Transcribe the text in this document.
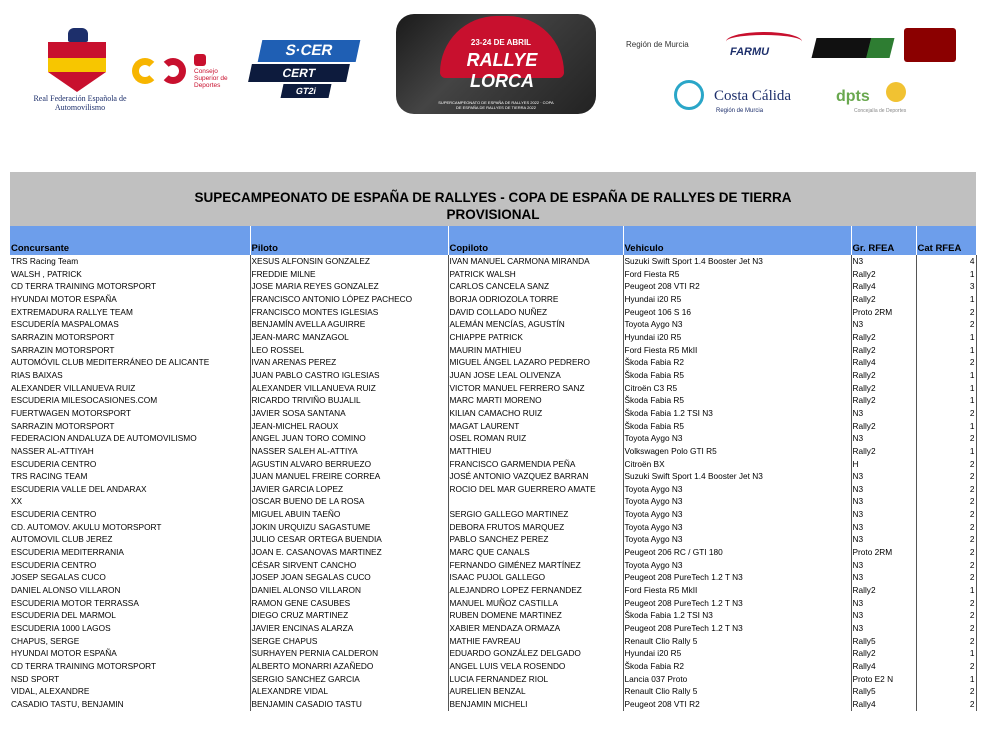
Real Federación Española de Automovilismo
Consejo Superior de Deportes
S·CER
CERT
GT2i
23-24 DE ABRIL
RALLYE LORCA
SUPERCAMPEONATO DE ESPAÑA DE RALLYES 2022 · COPA DE ESPAÑA DE RALLYES DE TIERRA 2022
Región de Murcia
FARMU
Costa Cálida
Región de Murcia
dpts
Concejalía de Deportes
SUPECAMPEONATO DE ESPAÑA DE RALLYES - COPA DE ESPAÑA DE RALLYES DE TIERRA
PROVISIONAL
Concursante	Piloto	Copiloto	Vehiculo	Gr. RFEA	Cat RFEA
TRS Racing Team	XESUS ALFONSIN GONZALEZ	IVAN MANUEL CARMONA MIRANDA	Suzuki Swift Sport 1.4 Booster Jet N3	N3	4
WALSH , PATRICK	FREDDIE MILNE	PATRICK WALSH	Ford Fiesta R5	Rally2	1
CD TERRA TRAINING MOTORSPORT	JOSE MARIA REYES GONZALEZ	CARLOS CANCELA SANZ	Peugeot 208 VTI R2	Rally4	3
HYUNDAI MOTOR ESPAÑA	FRANCISCO ANTONIO LÓPEZ PACHECO	BORJA ODRIOZOLA TORRE	Hyundai i20 R5	Rally2	1
EXTREMADURA RALLYE TEAM	FRANCISCO MONTES IGLESIAS	DAVID COLLADO NUÑEZ	Peugeot 106 S 16	Proto 2RM	2
ESCUDERÍA MASPALOMAS	BENJAMÍN AVELLA AGUIRRE	ALEMÁN MENCÍAS, AGUSTÍN	Toyota Aygo N3	N3	2
SARRAZIN MOTORSPORT	JEAN-MARC MANZAGOL	CHIAPPE PATRICK	Hyundai i20 R5	Rally2	1
SARRAZIN MOTORSPORT	LEO ROSSEL	MAURIN MATHIEU	Ford Fiesta R5 MkII	Rally2	1
AUTOMÓVIL CLUB MEDITERRÁNEO DE ALICANTE	IVAN ARENAS PEREZ	MIGUEL ÁNGEL LAZARO PEDRERO	Škoda Fabia R2	Rally4	2
RIAS BAIXAS	JUAN PABLO CASTRO IGLESIAS	JUAN JOSE LEAL OLIVENZA	Škoda Fabia R5	Rally2	1
ALEXANDER VILLANUEVA RUIZ	ALEXANDER VILLANUEVA RUIZ	VICTOR MANUEL FERRERO SANZ	Citroën C3 R5	Rally2	1
ESCUDERIA MILESOCASIONES.COM	RICARDO TRIVIÑO BUJALIL	MARC MARTI MORENO	Škoda Fabia R5	Rally2	1
FUERTWAGEN MOTORSPORT	JAVIER SOSA SANTANA	KILIAN CAMACHO RUIZ	Škoda Fabia 1.2 TSI N3	N3	2
SARRAZIN MOTORSPORT	JEAN-MICHEL RAOUX	MAGAT LAURENT	Škoda Fabia R5	Rally2	1
FEDERACION ANDALUZA DE AUTOMOVILISMO	ANGEL JUAN TORO COMINO	OSEL ROMAN RUIZ	Toyota Aygo N3	N3	2
NASSER AL-ATTIYAH	NASSER SALEH AL-ATTIYA	MATTHIEU	Volkswagen Polo GTI R5	Rally2	1
ESCUDERIA CENTRO	AGUSTIN ALVARO BERRUEZO	FRANCISCO GARMENDIA PEÑA	Citroën BX	H	2
TRS RACING TEAM	JUAN MANUEL FREIRE CORREA	JOSÉ ANTONIO VAZQUEZ BARRAN	Suzuki Swift Sport 1.4 Booster Jet N3	N3	2
ESCUDERIA VALLE DEL ANDARAX	JAVIER GARCIA LOPEZ	ROCIO DEL MAR GUERRERO AMATE	Toyota Aygo N3	N3	2
XX	OSCAR BUENO DE LA ROSA		Toyota Aygo N3	N3	2
ESCUDERIA CENTRO	MIGUEL ABUIN TAEÑO	SERGIO GALLEGO MARTINEZ	Toyota Aygo N3	N3	2
CD. AUTOMOV. AKULU MOTORSPORT	JOKIN URQUIZU SAGASTUME	DEBORA FRUTOS MARQUEZ	Toyota Aygo N3	N3	2
AUTOMOVIL CLUB JEREZ	JULIO CESAR ORTEGA BUENDIA	PABLO SANCHEZ PEREZ	Toyota Aygo N3	N3	2
ESCUDERIA MEDITERRANIA	JOAN E. CASANOVAS MARTINEZ	MARC QUE CANALS	Peugeot 206 RC / GTI 180	Proto 2RM	2
ESCUDERIA CENTRO	CÉSAR SIRVENT CANCHO	FERNANDO GIMÉNEZ MARTÍNEZ	Toyota Aygo N3	N3	2
JOSEP SEGALAS CUCO	JOSEP JOAN SEGALAS CUCO	ISAAC PUJOL GALLEGO	Peugeot 208 PureTech 1.2 T N3	N3	2
DANIEL ALONSO VILLARON	DANIEL ALONSO VILLARON	ALEJANDRO LOPEZ FERNANDEZ	Ford Fiesta R5 MkII	Rally2	1
ESCUDERIA MOTOR TERRASSA	RAMON GENE CASUBES	MANUEL MUÑOZ CASTILLA	Peugeot 208 PureTech 1.2 T N3	N3	2
ESCUDERIA DEL MARMOL	DIEGO CRUZ MARTINEZ	RUBEN DOMENE MARTINEZ	Škoda Fabia 1.2 TSI N3	N3	2
ESCUDERIA 1000 LAGOS	JAVIER ENCINAS ALARZA	XABIER MENDAZA ORMAZA	Peugeot 208 PureTech 1.2 T N3	N3	2
CHAPUS, SERGE	SERGE CHAPUS	MATHIE FAVREAU	Renault Clio Rally 5	Rally5	2
HYUNDAI MOTOR ESPAÑA	SURHAYEN PERNIA CALDERON	EDUARDO GONZÁLEZ DELGADO	Hyundai i20 R5	Rally2	1
CD TERRA TRAINING MOTORSPORT	ALBERTO MONARRI AZAÑEDO	ANGEL LUIS VELA ROSENDO	Škoda Fabia R2	Rally4	2
NSD SPORT	SERGIO SANCHEZ GARCIA	LUCIA FERNANDEZ RIOL	Lancia 037 Proto	Proto E2 N	1
VIDAL, ALEXANDRE	ALEXANDRE VIDAL	AURELIEN BENZAL	Renault Clio Rally 5	Rally5	2
CASADIO TASTU, BENJAMIN	BENJAMIN CASADIO TASTU	BENJAMIN MICHELI	Peugeot 208 VTI R2	Rally4	2
